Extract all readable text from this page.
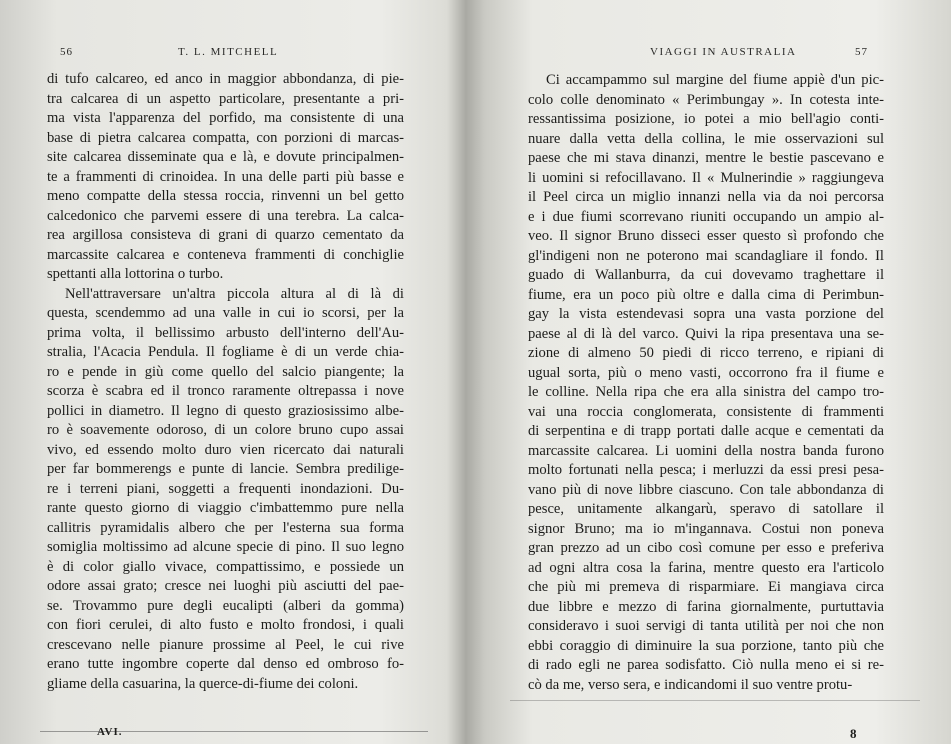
56	T. L. MITCHELL
di tufo calcareo, ed anco in maggior abbondanza, di pie-
tra calcarea di un aspetto particolare, presentante a pri-
ma vista l'apparenza del porfido, ma consistente di una
base di pietra calcarea compatta, con porzioni di marcas-
site calcarea disseminate qua e là, e dovute principalmen-
te a frammenti di crinoidea. In una delle parti più basse e
meno compatte della stessa roccia, rinvenni un bel getto
calcedonico che parvemi essere di una terebra. La calca-
rea argillosa consisteva di grani di quarzo cementato da
marcassite calcarea e conteneva frammenti di conchiglie
spettanti alla lottorina o turbo.
Nell'attraversare un'altra piccola altura al di là di
questa, scendemmo ad una valle in cui io scorsi, per la
prima volta, il bellissimo arbusto dell'interno dell'Au-
stralia, l'Acacia Pendula. Il fogliame è di un verde chia-
ro e pende in giù come quello del salcio piangente; la
scorza è scabra ed il tronco raramente oltrepassa i nove
pollici in diametro. Il legno di questo graziosissimo albe-
ro è soavemente odoroso, di un colore bruno cupo assai
vivo, ed essendo molto duro vien ricercato dai naturali
per far bommerengs e punte di lancie. Sembra predilige-
re i terreni piani, soggetti a frequenti inondazioni. Du-
rante questo giorno di viaggio c'imbattemmo pure nella
callitris pyramidalis albero che per l'esterna sua forma
somiglia moltissimo ad alcune specie di pino. Il suo legno
è di color giallo vivace, compattissimo, e possiede un
odore assai grato; cresce nei luoghi più asciutti del pae-
se. Trovammo pure degli eucalipti (alberi da gomma)
con fiori cerulei, di alto fusto e molto frondosi, i quali
crescevano nelle pianure prossime al Peel, le cui rive
erano tutte ingombre coperte dal denso ed ombroso fo-
gliame della casuarina, la querce-di-fiume dei coloni.
AVI.
VIAGGI IN AUSTRALIA	57
Ci accampammo sul margine del fiume appiè d'un pic-
colo colle denominato « Perimbungay ». In cotesta inte-
ressantissima posizione, io potei a mio bell'agio conti-
nuare dalla vetta della collina, le mie osservazioni sul
paese che mi stava dinanzi, mentre le bestie pascevano e
li uomini si refocillavano. Il « Mulnerindie » raggiungeva
il Peel circa un miglio innanzi nella via da noi percorsa
e i due fiumi scorrevano riuniti occupando un ampio al-
veo. Il signor Bruno disseci esser questo sì profondo che
gl'indigeni non ne poterono mai scandagliare il fondo. Il
guado di Wallanburra, da cui dovevamo traghettare il
fiume, era un poco più oltre e dalla cima di Perimbun-
gay la vista estendevasi sopra una vasta porzione del
paese al di là del varco. Quivi la ripa presentava una se-
zione di almeno 50 piedi di ricco terreno, e ripiani di
ugual sorta, più o meno vasti, occorrono fra il fiume e
le colline. Nella ripa che era alla sinistra del campo tro-
vai una roccia conglomerata, consistente di frammenti
di serpentina e di trapp portati dalle acque e cementati da
marcassite calcarea. Li uomini della nostra banda furono
molto fortunati nella pesca; i merluzzi da essi presi pesa-
vano più di nove libbre ciascuno. Con tale abbondanza di
pesce, unitamente alkangarù, speravo di satollare il
signor Bruno; ma io m'ingannava. Costui non poneva
gran prezzo ad un cibo così comune per esso e preferiva
ad ogni altra cosa la farina, mentre questo era l'articolo
che più mi premeva di risparmiare. Ei mangiava circa
due libbre e mezzo di farina giornalmente, purtuttavia
consideravo i suoi servigi di tanta utilità per noi che non
ebbi coraggio di diminuire la sua porzione, tanto più che
di rado egli ne parea sodisfatto. Ciò nulla meno ei si re-
cò da me, verso sera, e indicandomi il suo ventre protu-
8
